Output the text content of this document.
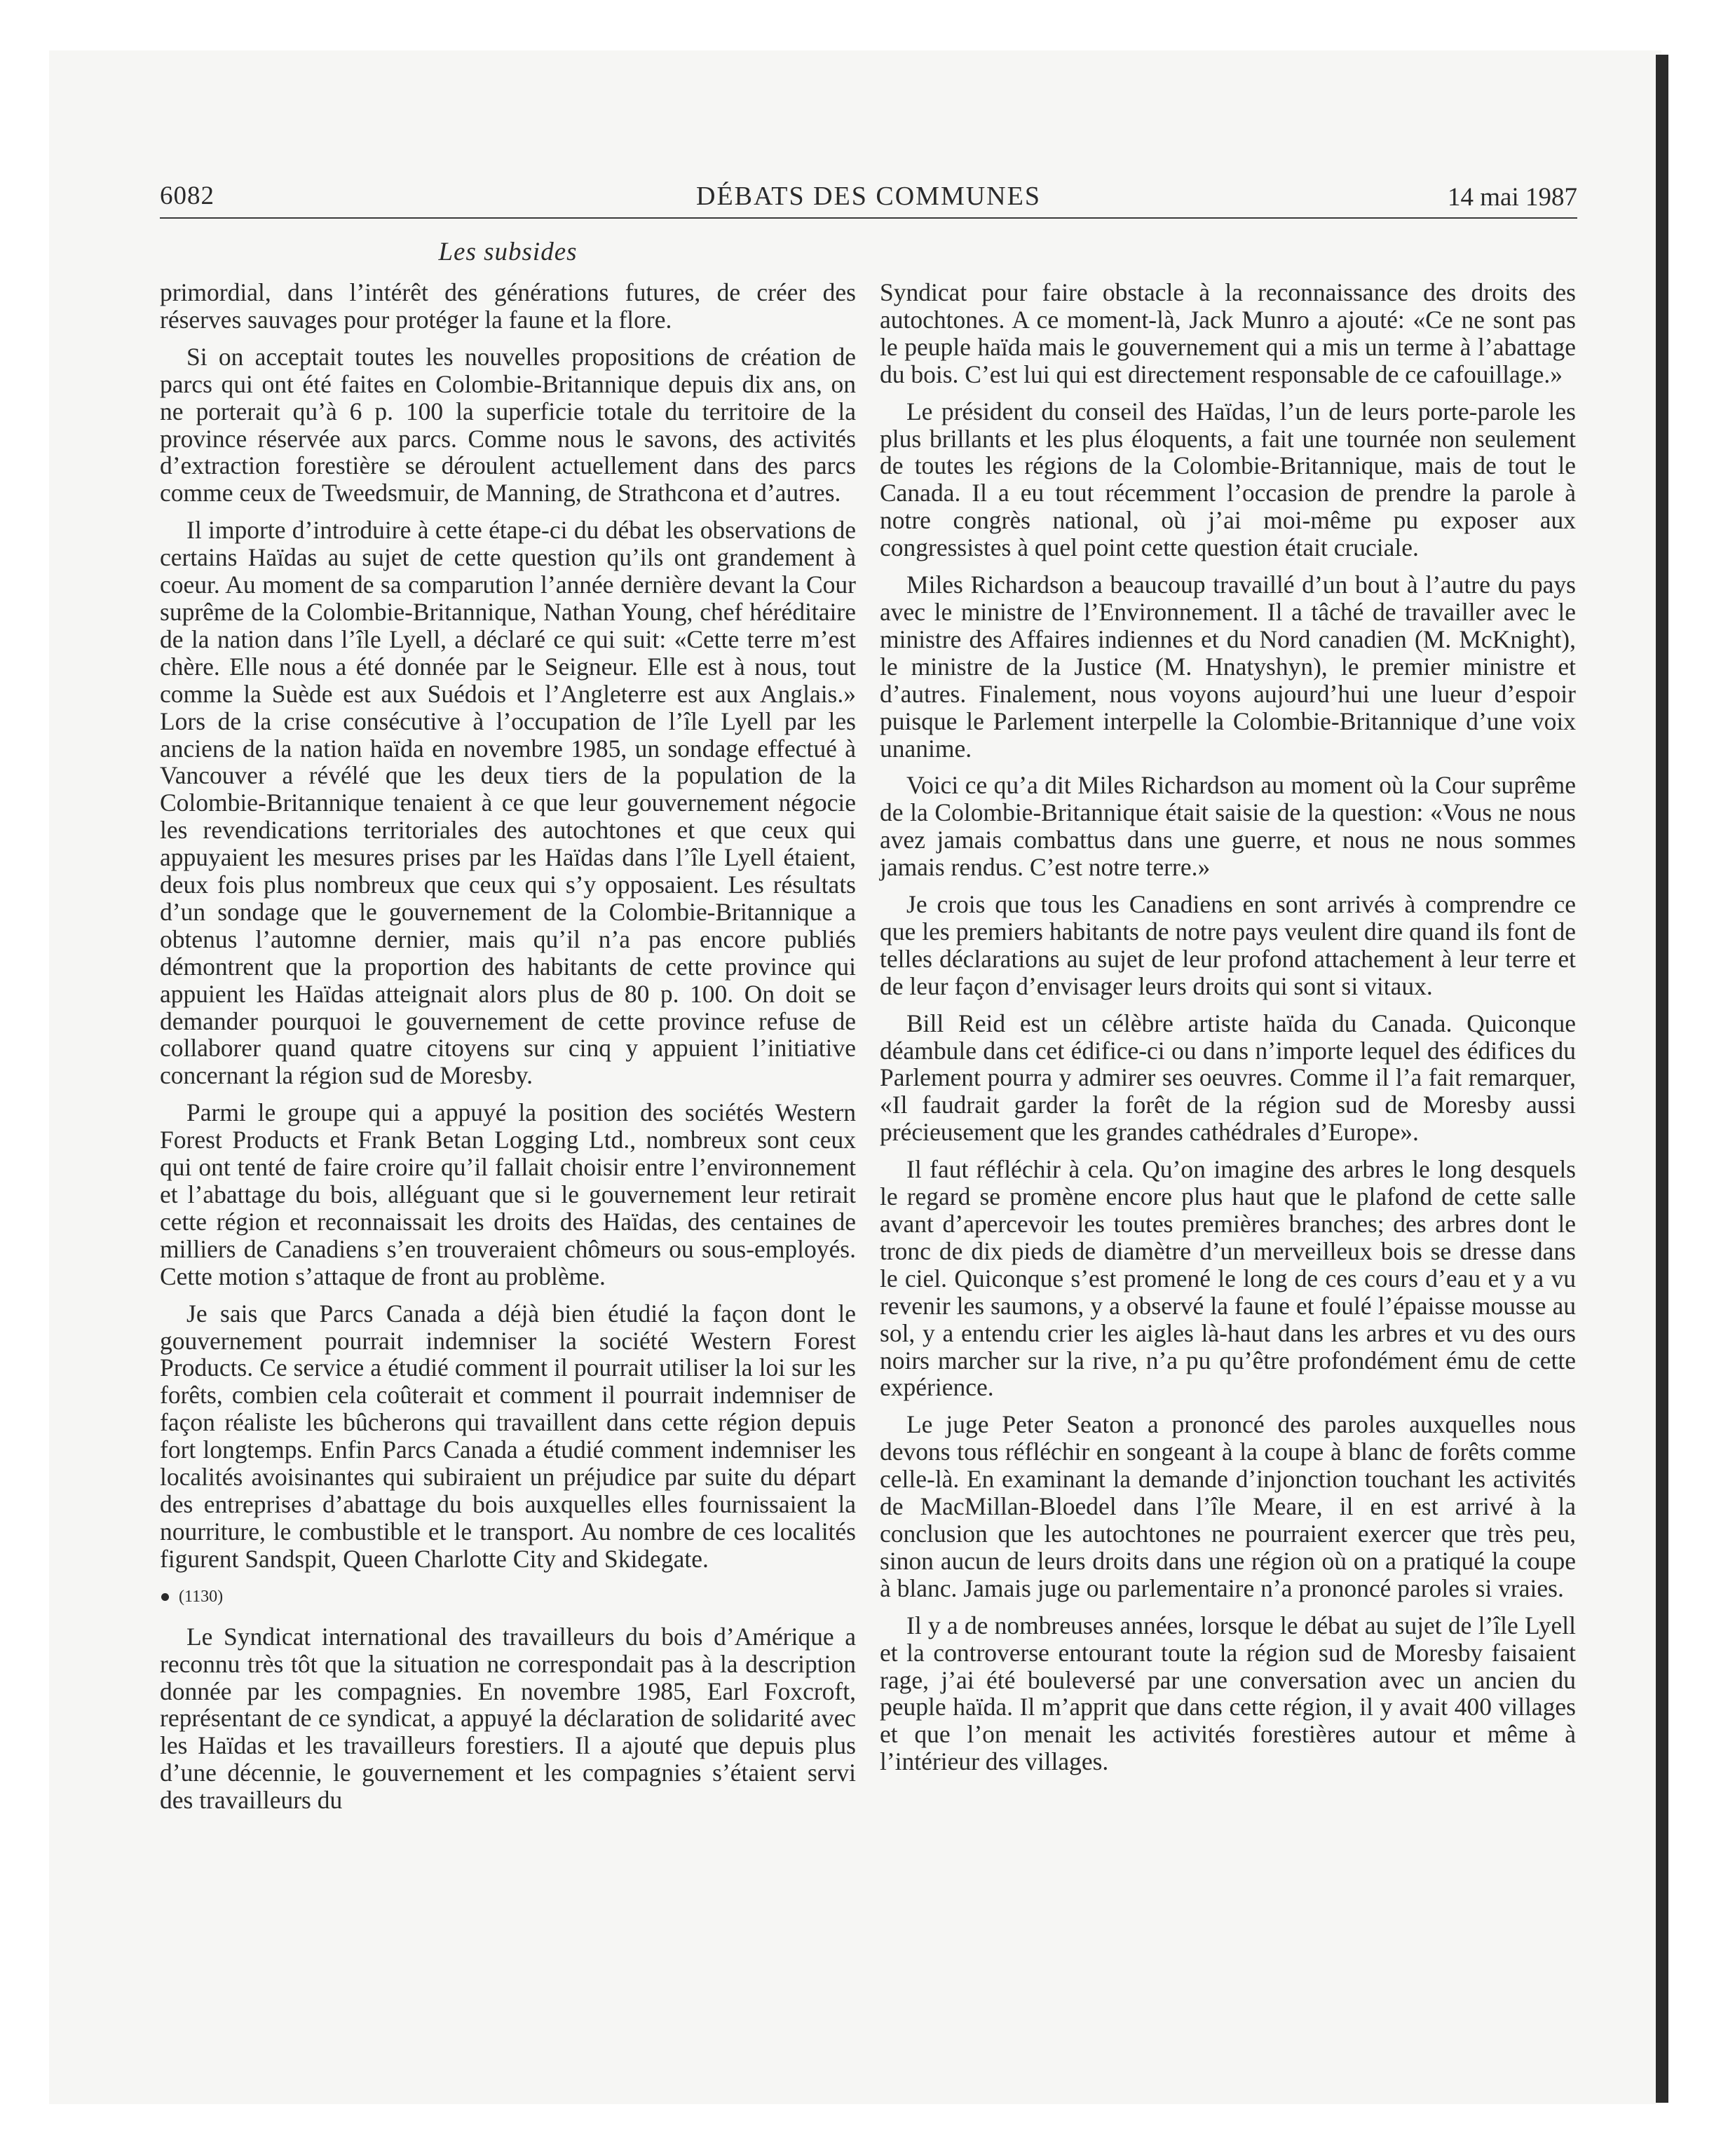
6082	DÉBATS DES COMMUNES	14 mai 1987
Les subsides

primordial, dans l’intérêt des générations futures, de créer des réserves sauvages pour protéger la faune et la flore.

Si on acceptait toutes les nouvelles propositions de création de parcs qui ont été faites en Colombie-Britannique depuis dix ans, on ne porterait qu’à 6 p. 100 la superficie totale du territoire de la province réservée aux parcs. Comme nous le savons, des activités d’extraction forestière se déroulent actuellement dans des parcs comme ceux de Tweedsmuir, de Manning, de Strathcona et d’autres.

Il importe d’introduire à cette étape-ci du débat les observations de certains Haïdas au sujet de cette question qu’ils ont grandement à coeur. Au moment de sa comparution l’année dernière devant la Cour suprême de la Colombie-Britannique, Nathan Young, chef héréditaire de la nation dans l’île Lyell, a déclaré ce qui suit: «Cette terre m’est chère. Elle nous a été donnée par le Seigneur. Elle est à nous, tout comme la Suède est aux Suédois et l’Angleterre est aux Anglais.» Lors de la crise consécutive à l’occupation de l’île Lyell par les anciens de la nation haïda en novembre 1985, un sondage effectué à Vancouver a révélé que les deux tiers de la population de la Colombie-Britannique tenaient à ce que leur gouvernement négocie les revendications territoriales des autochtones et que ceux qui appuyaient les mesures prises par les Haïdas dans l’île Lyell étaient, deux fois plus nombreux que ceux qui s’y opposaient. Les résultats d’un sondage que le gouvernement de la Colombie-Britannique a obtenus l’automne dernier, mais qu’il n’a pas encore publiés démontrent que la proportion des habitants de cette province qui appuient les Haïdas atteignait alors plus de 80 p. 100. On doit se demander pourquoi le gouvernement de cette province refuse de collaborer quand quatre citoyens sur cinq y appuient l’initiative concernant la région sud de Moresby.

Parmi le groupe qui a appuyé la position des sociétés Western Forest Products et Frank Betan Logging Ltd., nombreux sont ceux qui ont tenté de faire croire qu’il fallait choisir entre l’environnement et l’abattage du bois, alléguant que si le gouvernement leur retirait cette région et reconnaissait les droits des Haïdas, des centaines de milliers de Canadiens s’en trouveraient chômeurs ou sous-employés. Cette motion s’attaque de front au problème.

Je sais que Parcs Canada a déjà bien étudié la façon dont le gouvernement pourrait indemniser la société Western Forest Products. Ce service a étudié comment il pourrait utiliser la loi sur les forêts, combien cela coûterait et comment il pourrait indemniser de façon réaliste les bûcherons qui travaillent dans cette région depuis fort longtemps. Enfin Parcs Canada a étudié comment indemniser les localités avoisinantes qui subiraient un préjudice par suite du départ des entreprises d’abattage du bois auxquelles elles fournissaient la nourriture, le combustible et le transport. Au nombre de ces localités figurent Sandspit, Queen Charlotte City and Skidegate.

(1130)

Le Syndicat international des travailleurs du bois d’Amérique a reconnu très tôt que la situation ne correspondait pas à la description donnée par les compagnies. En novembre 1985, Earl Foxcroft, représentant de ce syndicat, a appuyé la déclaration de solidarité avec les Haïdas et les travailleurs forestiers. Il a ajouté que depuis plus d’une décennie, le gouvernement et les compagnies s’étaient servi des travailleurs du

Syndicat pour faire obstacle à la reconnaissance des droits des autochtones. A ce moment-là, Jack Munro a ajouté: «Ce ne sont pas le peuple haïda mais le gouvernement qui a mis un terme à l’abattage du bois. C’est lui qui est directement responsable de ce cafouillage.»

Le président du conseil des Haïdas, l’un de leurs porte-parole les plus brillants et les plus éloquents, a fait une tournée non seulement de toutes les régions de la Colombie-Britannique, mais de tout le Canada. Il a eu tout récemment l’occasion de prendre la parole à notre congrès national, où j’ai moi-même pu exposer aux congressistes à quel point cette question était cruciale.

Miles Richardson a beaucoup travaillé d’un bout à l’autre du pays avec le ministre de l’Environnement. Il a tâché de travailler avec le ministre des Affaires indiennes et du Nord canadien (M. McKnight), le ministre de la Justice (M. Hnatyshyn), le premier ministre et d’autres. Finalement, nous voyons aujourd’hui une lueur d’espoir puisque le Parlement interpelle la Colombie-Britannique d’une voix unanime.

Voici ce qu’a dit Miles Richardson au moment où la Cour suprême de la Colombie-Britannique était saisie de la question: «Vous ne nous avez jamais combattus dans une guerre, et nous ne nous sommes jamais rendus. C’est notre terre.»

Je crois que tous les Canadiens en sont arrivés à comprendre ce que les premiers habitants de notre pays veulent dire quand ils font de telles déclarations au sujet de leur profond attachement à leur terre et de leur façon d’envisager leurs droits qui sont si vitaux.

Bill Reid est un célèbre artiste haïda du Canada. Quiconque déambule dans cet édifice-ci ou dans n’importe lequel des édifices du Parlement pourra y admirer ses oeuvres. Comme il l’a fait remarquer, «Il faudrait garder la forêt de la région sud de Moresby aussi précieusement que les grandes cathédrales d’Europe».

Il faut réfléchir à cela. Qu’on imagine des arbres le long desquels le regard se promène encore plus haut que le plafond de cette salle avant d’apercevoir les toutes premières branches; des arbres dont le tronc de dix pieds de diamètre d’un merveilleux bois se dresse dans le ciel. Quiconque s’est promené le long de ces cours d’eau et y a vu revenir les saumons, y a observé la faune et foulé l’épaisse mousse au sol, y a entendu crier les aigles là-haut dans les arbres et vu des ours noirs marcher sur la rive, n’a pu qu’être profondément ému de cette expérience.

Le juge Peter Seaton a prononcé des paroles auxquelles nous devons tous réfléchir en songeant à la coupe à blanc de forêts comme celle-là. En examinant la demande d’injonction touchant les activités de MacMillan-Bloedel dans l’île Meare, il en est arrivé à la conclusion que les autochtones ne pourraient exercer que très peu, sinon aucun de leurs droits dans une région où on a pratiqué la coupe à blanc. Jamais juge ou parlementaire n’a prononcé paroles si vraies.

Il y a de nombreuses années, lorsque le débat au sujet de l’île Lyell et la controverse entourant toute la région sud de Moresby faisaient rage, j’ai été bouleversé par une conversation avec un ancien du peuple haïda. Il m’apprit que dans cette région, il y avait 400 villages et que l’on menait les activités forestières autour et même à l’intérieur des villages.
